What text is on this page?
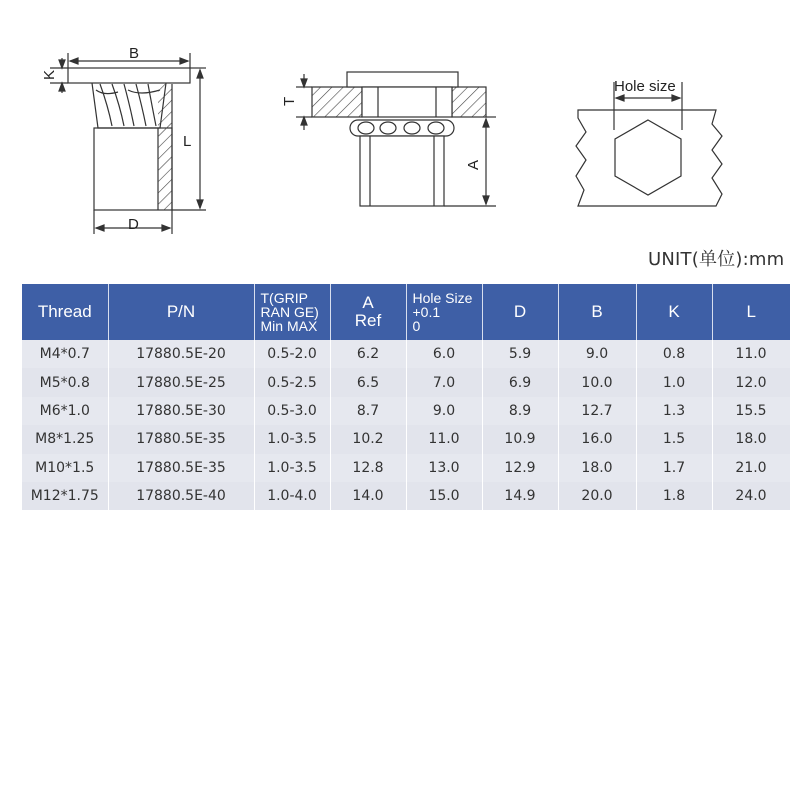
B
K
L
D
T
A
Hole size
UNIT(单位):mm
Thread	P/N	T(GRIP
RAN GE)
Min MAX	A
Ref	Hole Size
+0.1
0	D	B	K	L

M4*0.7	17880.5E-20	0.5-2.0	6.2	6.0	5.9	9.0	0.8	11.0
M5*0.8	17880.5E-25	0.5-2.5	6.5	7.0	6.9	10.0	1.0	12.0
M6*1.0	17880.5E-30	0.5-3.0	8.7	9.0	8.9	12.7	1.3	15.5
M8*1.25	17880.5E-35	1.0-3.5	10.2	11.0	10.9	16.0	1.5	18.0
M10*1.5	17880.5E-35	1.0-3.5	12.8	13.0	12.9	18.0	1.7	21.0
M12*1.75	17880.5E-40	1.0-4.0	14.0	15.0	14.9	20.0	1.8	24.0
